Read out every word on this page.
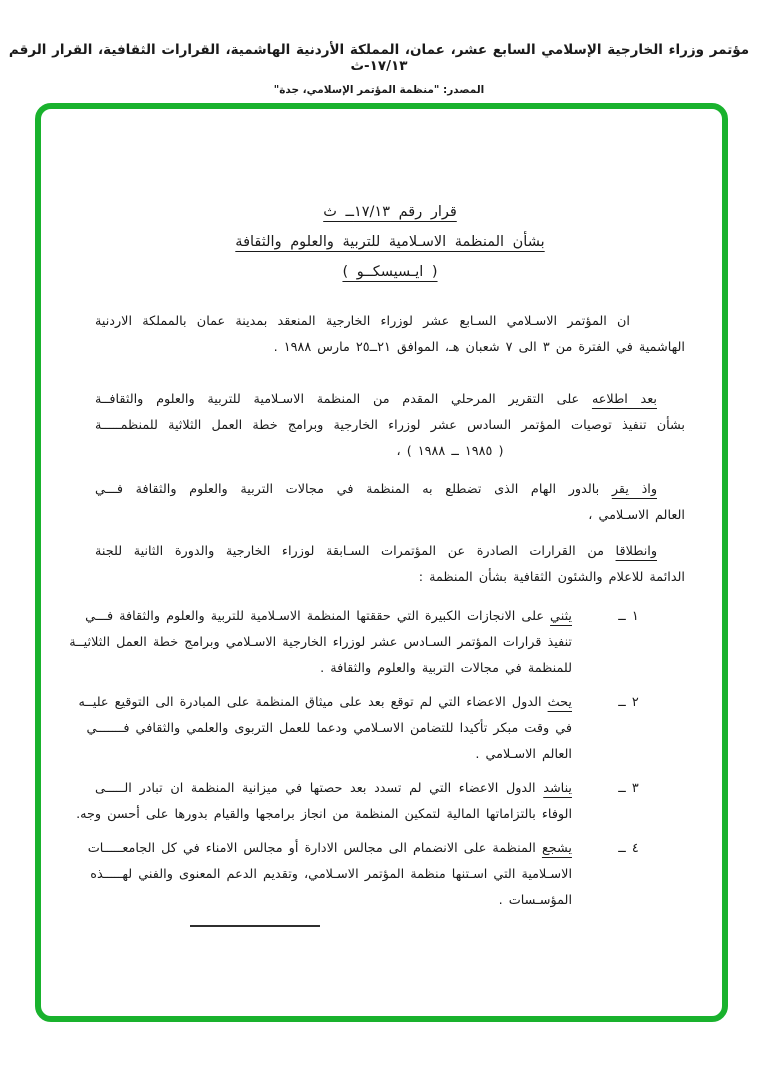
مؤتمر وزراء الخارجية الإسلامي السابع عشر، عمان، المملكة الأردنية الهاشمية، القرارات الثقافية، القرار الرقم ١٧/١٣-ث
المصدر: "منظمة المؤتمر الإسلامي، جدة"
قرار رقم ١٧/١٣ــ ث
بشأن المنظمة الاسـلامية للتربية والعلوم والثقافة
( ايـسيسكــو )
ان المؤتمر الاسـلامي السـابع عشر لوزراء الخارجية المنعقد بمدينة عمان بالمملكة الاردنية
الهاشمية في الفترة من ٣ الى ٧ شعبان هـ، الموافق ‪٢١ــ٢٥‬ مارس ١٩٨٨ .
بعد اطلاعه على التقرير المرحلي المقدم من المنظمة الاسـلامية للتربية والعلوم والثقافــة
بشأن تنفيذ توصيات المؤتمر السادس عشر لوزراء الخارجية وبرامج خطة العمل الثلاثية للمنظمـــــة
‪( ١٩٨٥ ــ ١٩٨٨ )‬ ،
واذ يقر بالدور الهام الذى تضطلع به المنظمة في مجالات التربية والعلوم والثقافة فـــي
العالم الاسـلامي ،
وانطلاقا من القرارات الصادرة عن المؤتمرات السـابقة لوزراء الخارجية والدورة الثانية للجنة
الدائمة للاعلام والشئون الثقافية بشأن المنظمة :
١ ــ
يثني على الانجازات الكبيرة التي حققتها المنظمة الاسـلامية للتربية والعلوم والثقافة فـــي
تنفيذ قرارات المؤتمر السـادس عشر لوزراء الخارجية الاسـلامي وبرامج خطة العمل الثلاثيــة
للمنظمة في مجالات التربية والعلوم والثقافة .
٢ ــ
يحث الدول الاعضاء التي لم توقع بعد على ميثاق المنظمة على المبادرة الى التوقيع عليــه
في وقت مبكر تأكيدا للتضامن الاسـلامي ودعما للعمل التربوى والعلمي والثقافي فـــــــي
العالم الاسـلامي .
٣ ــ
يناشد الدول الاعضاء التي لم تسدد بعد حصتها في ميزانية المنظمة ان تبادر الـــــى
الوفاء بالتزاماتها المالية لتمكين المنظمة من انجاز برامجها والقيام بدورها على أحسن وجه.
٤ ــ
يشجع المنظمة على الانضمام الى مجالس الادارة أو مجالس الامناء في كل الجامعـــــات
الاسـلامية التي اسـتنها منظمة المؤتمر الاسـلامي، وتقديم الدعم المعنوى والفني لهـــــذه
المؤسـسات .
